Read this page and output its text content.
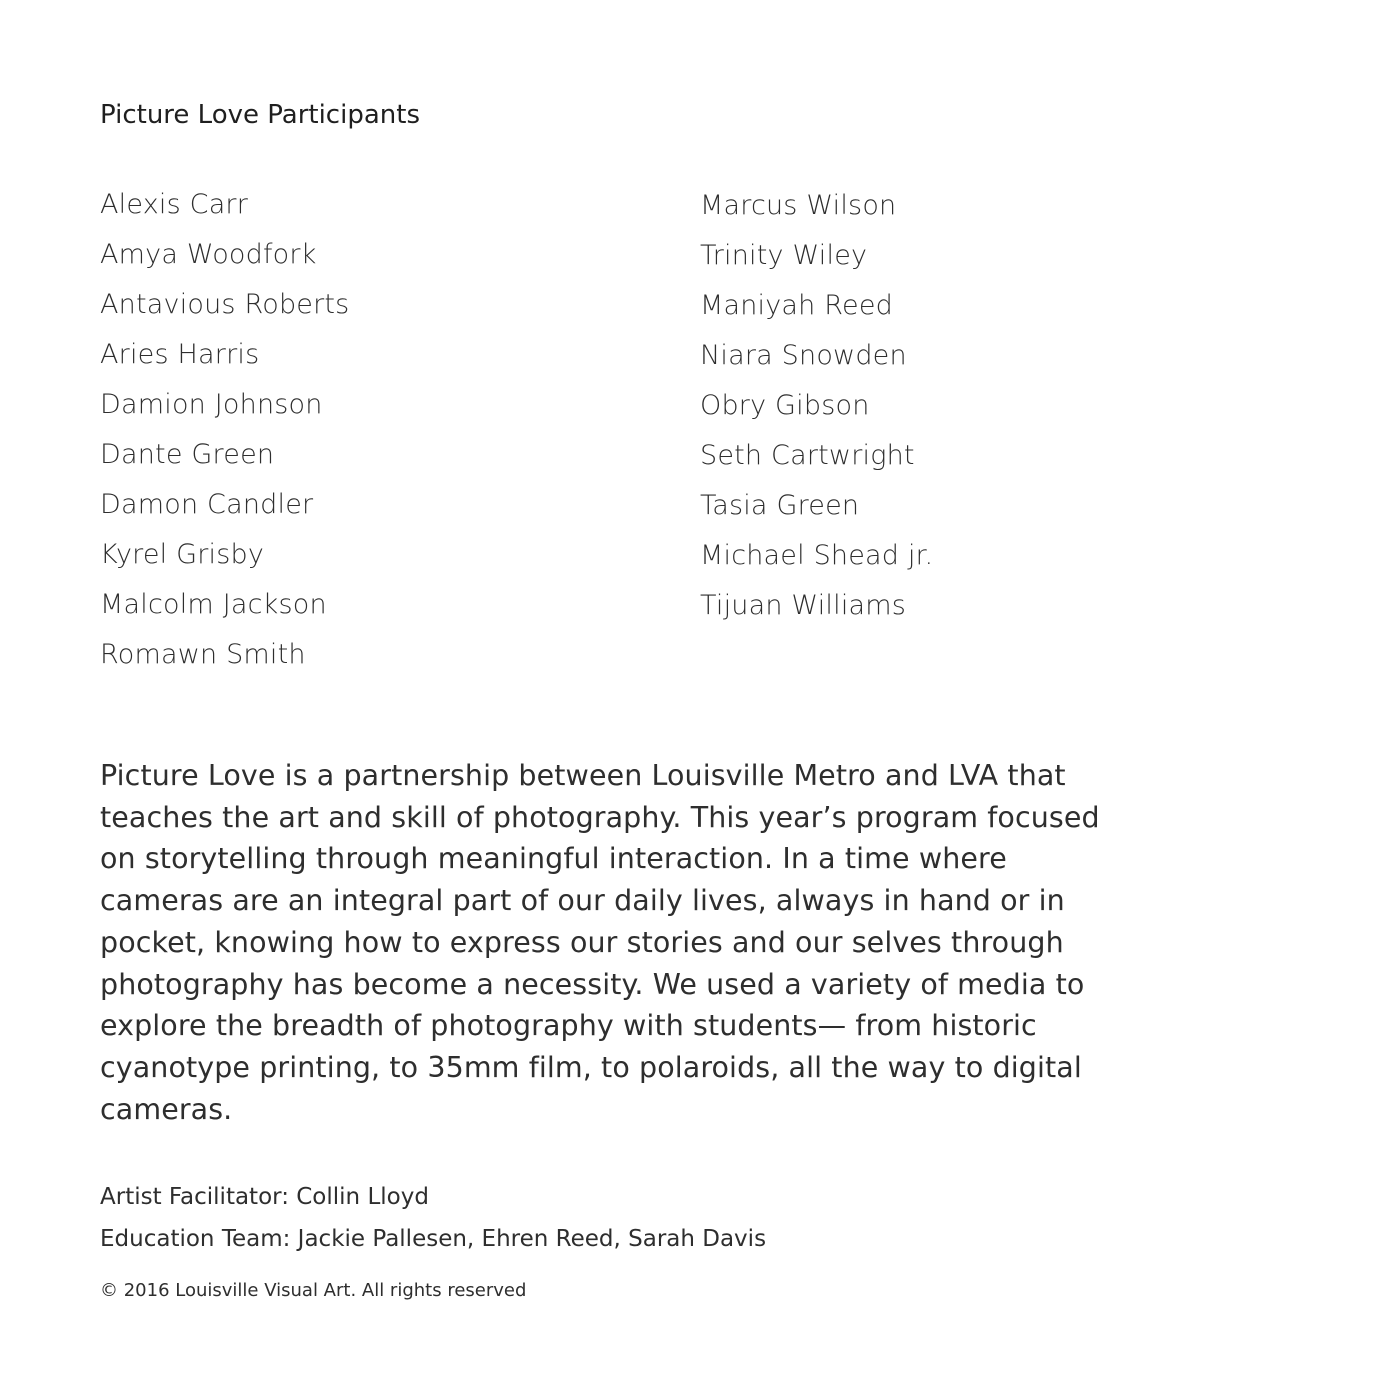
Picture Love Participants
Alexis Carr
Amya Woodfork
Antavious Roberts
Aries Harris
Damion Johnson
Dante Green
Damon Candler
Kyrel Grisby
Malcolm Jackson
Romawn Smith
Marcus Wilson
Trinity Wiley
Maniyah Reed
Niara Snowden
Obry Gibson
Seth Cartwright
Tasia Green
Michael Shead jr.
Tijuan Williams

Picture Love is a partnership between Louisville Metro and LVA that teaches the art and skill of photography. This year’s program focused on storytelling through meaningful interaction. In a time where cameras are an integral part of our daily lives, always in hand or in pocket, knowing how to express our stories and our selves through photography has become a necessity. We used a variety of media to explore the breadth of photography with students— from historic cyanotype printing, to 35mm film, to polaroids, all the way to digital cameras.

Artist Facilitator: Collin Lloyd
Education Team: Jackie Pallesen, Ehren Reed, Sarah Davis

© 2016 Louisville Visual Art. All rights reserved
